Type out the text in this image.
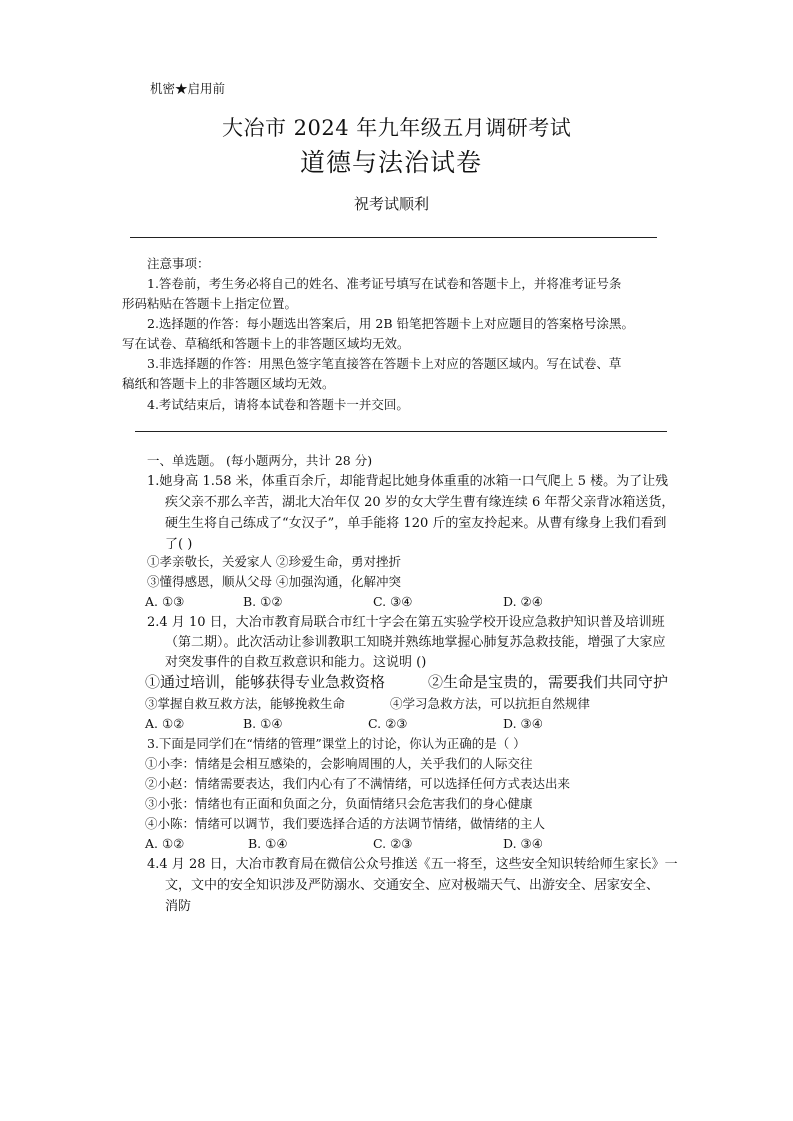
机密★启用前
大冶市 2024 年九年级五月调研考试
道德与法治试卷
祝考试顺利
注意事项：
1.答卷前，考生务必将自己的姓名、准考证号填写在试卷和答题卡上，并将准考证号条
形码粘贴在答题卡上指定位置。
2.选择题的作答：每小题选出答案后，用 2B 铅笔把答题卡上对应题目的答案格号涂黑。
写在试卷、草稿纸和答题卡上的非答题区域均无效。
3.非选择题的作答：用黑色签字笔直接答在答题卡上对应的答题区域内。写在试卷、草
稿纸和答题卡上的非答题区域均无效。
4.考试结束后，请将本试卷和答题卡一并交回。
一、单选题。 (每小题两分，共计 28 分)
1.她身高 1.58 米，体重百余斤，却能背起比她身体重重的冰箱一口气爬上 5 楼。为了让残
疾父亲不那么辛苦，湖北大冶年仅 20 岁的女大学生曹有缘连续 6 年帮父亲背冰箱送货，
硬生生将自己练成了“女汉子”，单手能将 120 斤的室友拎起来。从曹有缘身上我们看到
了( )
①孝亲敬长，关爱家人 ②珍爱生命，勇对挫折
③懂得感恩，顺从父母 ④加强沟通，化解冲突
A. ①③	B. ①②	C. ③④	D. ②④
2.4 月 10 日，大冶市教育局联合市红十字会在第五实验学校开设应急救护知识普及培训班
（第二期）。此次活动让参训教职工知晓并熟练地掌握心肺复苏急救技能，增强了大家应
对突发事件的自救互救意识和能力。这说明 ()
①通过培训，能够获得专业急救资格	②生命是宝贵的，需要我们共同守护
③掌握自救互救方法，能够挽救生命	④学习急救方法，可以抗拒自然规律
A. ①②	B. ①④	C. ②③	D. ③④
3.下面是同学们在“情绪的管理”课堂上的讨论，你认为正确的是（ ）
①小李：情绪是会相互感染的，会影响周围的人，关乎我们的人际交往
②小赵：情绪需要表达，我们内心有了不满情绪，可以选择任何方式表达出来
③小张：情绪也有正面和负面之分，负面情绪只会危害我们的身心健康
④小陈：情绪可以调节，我们要选择合适的方法调节情绪，做情绪的主人
A. ①②	B. ①④	C. ②③	D. ③④
4.4 月 28 日，大冶市教育局在微信公众号推送《五一将至，这些安全知识转给师生家长》一
文，文中的安全知识涉及严防溺水、交通安全、应对极端天气、出游安全、居家安全、
消防
